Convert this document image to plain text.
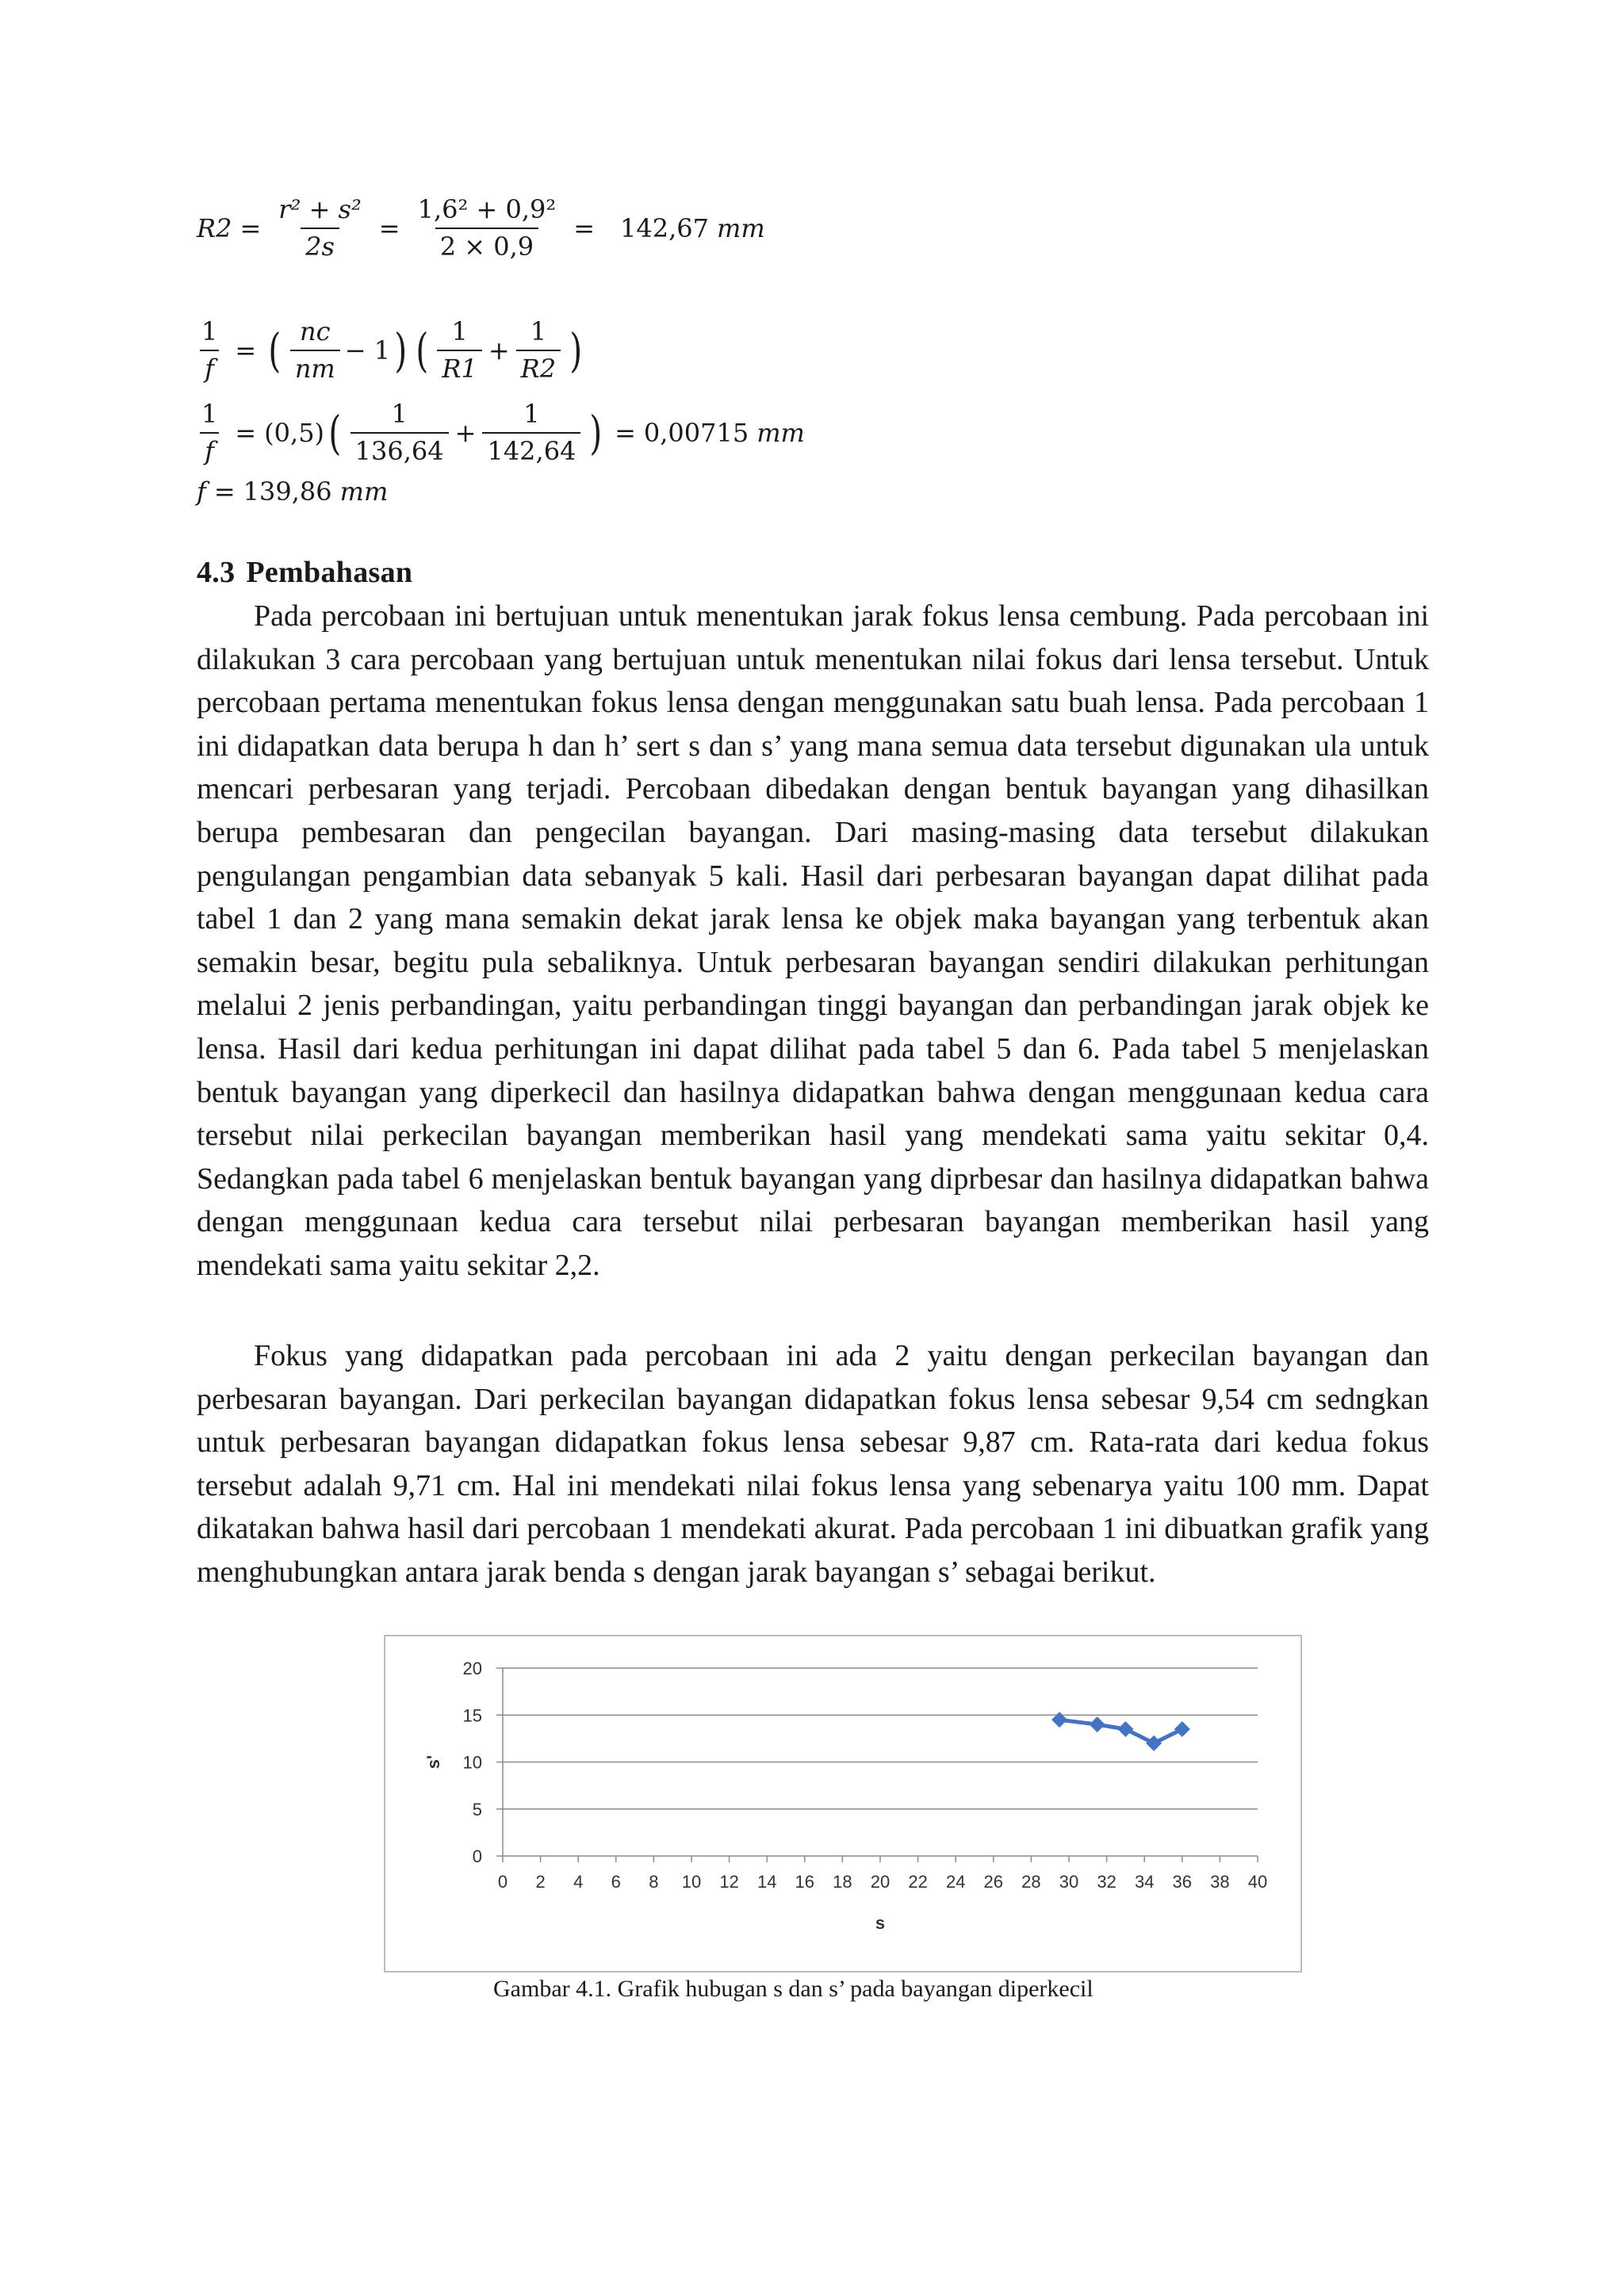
$R2 = \frac{\text{r² + s²}}{2s} = \frac{\text{1,6² + 0,9²}}{2 \times 0,9} = 142,67$ mm
$\frac{1}{f}$ = ( $\frac{nc}{nm} - 1$ ) ( $\frac{1}{R1} + \frac{1}{R2}$ )
$\frac{1}{f} = (0,5)$ ( $\frac{1}{136,64} + \frac{1}{142,64}$ ) = 0,00715 mm
f = 139,86 mm
4.3 Pembahasan

Pada percobaan ini bertujuan untuk menentukan jarak fokus lensa cembung. Pada percobaan ini dilakukan 3 cara percobaan yang bertujuan untuk menentukan nilai fokus dari lensa tersebut. Untuk percobaan pertama menentukan fokus lensa dengan menggunakan satu buah lensa. Pada percobaan 1 ini didapatkan data berupa h dan h’ sert s dan s’ yang mana semua data tersebut digunakan ula untuk mencari perbesaran yang terjadi. Percobaan dibedakan dengan bentuk bayangan yang dihasilkan berupa pembesaran dan pengecilan bayangan. Dari masing-masing data tersebut dilakukan pengulangan pengambian data sebanyak 5 kali. Hasil dari perbesaran bayangan dapat dilihat pada tabel 1 dan 2 yang mana semakin dekat jarak lensa ke objek maka bayangan yang terbentuk akan semakin besar, begitu pula sebaliknya. Untuk perbesaran bayangan sendiri dilakukan perhitungan melalui 2 jenis perbandingan, yaitu perbandingan tinggi bayangan dan perbandingan jarak objek ke lensa. Hasil dari kedua perhitungan ini dapat dilihat pada tabel 5 dan 6. Pada tabel 5 menjelaskan bentuk bayangan yang diperkecil dan hasilnya didapatkan bahwa dengan menggunaan kedua cara tersebut nilai perkecilan bayangan memberikan hasil yang mendekati sama yaitu sekitar 0,4. Sedangkan pada tabel 6 menjelaskan bentuk bayangan yang diprbesar dan hasilnya didapatkan bahwa dengan menggunaan kedua cara tersebut nilai perbesaran bayangan memberikan hasil yang mendekati sama yaitu sekitar 2,2.

Fokus yang didapatkan pada percobaan ini ada 2 yaitu dengan perkecilan bayangan dan perbesaran bayangan. Dari perkecilan bayangan didapatkan fokus lensa sebesar 9,54 cm sedngkan untuk perbesaran bayangan didapatkan fokus lensa sebesar 9,87 cm. Rata-rata dari kedua fokus tersebut adalah 9,71 cm. Hal ini mendekati nilai fokus lensa yang sebenarya yaitu 100 mm. Dapat dikatakan bahwa hasil dari percobaan 1 mendekati akurat. Pada percobaan 1 ini dibuatkan grafik yang menghubungkan antara jarak benda s dengan jarak bayangan s’ sebagai berikut.

0
5
10
15
20
0 2 4 6 8 10 12 14 16 18 20 22 24 26 28 30 32 34 36 38 40
s
s'
Gambar 4.1. Grafik hubugan s dan s’ pada bayangan diperkecil
